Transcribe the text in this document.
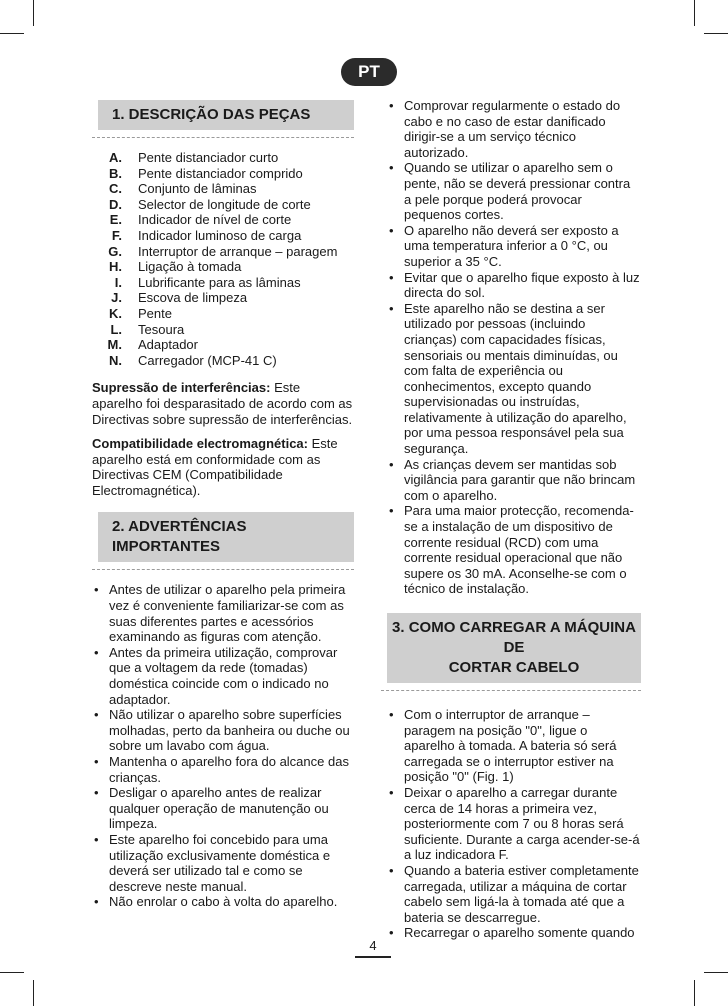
PT
1. DESCRIÇÃO DAS PEÇAS
A.	Pente distanciador curto
B.	Pente distanciador comprido
C.	Conjunto de lâminas
D.	Selector de longitude de corte
E.	Indicador de nível de corte
F.	Indicador luminoso de carga
G.	Interruptor de arranque – paragem
H.	Ligação à tomada
I.	Lubrificante para as lâminas
J.	Escova de limpeza
K.	Pente
L.	Tesoura
M.	Adaptador
N.	Carregador (MCP-41 C)

Supressão de interferências: Este aparelho foi desparasitado de acordo com as Directivas sobre supressão de interferências.

Compatibilidade electromagnética: Este aparelho está em conformidade com as Directivas CEM (Compatibilidade Electromagnética).

2. ADVERTÊNCIAS IMPORTANTES
• Antes de utilizar o aparelho pela primeira vez é conveniente familiarizar-se com as suas diferentes partes e acessórios examinando as figuras com atenção.
• Antes da primeira utilização, comprovar que a voltagem da rede (tomadas) doméstica coincide com o indicado no adaptador.
• Não utilizar o aparelho sobre superfícies molhadas, perto da banheira ou duche ou sobre um lavabo com água.
• Mantenha o aparelho fora do alcance das crianças.
• Desligar o aparelho antes de realizar qualquer operação de manutenção ou limpeza.
• Este aparelho foi concebido para uma utilização exclusivamente doméstica e deverá ser utilizado tal e como se descreve neste manual.
• Não enrolar o cabo à volta do aparelho.
• Comprovar regularmente o estado do cabo e no caso de estar danificado dirigir-se a um serviço técnico autorizado.
• Quando se utilizar o aparelho sem o pente, não se deverá pressionar contra a pele porque poderá provocar pequenos cortes.
• O aparelho não deverá ser exposto a uma temperatura inferior a 0 °C, ou superior a 35 °C.
• Evitar que o aparelho fique exposto à luz directa do sol.
• Este aparelho não se destina a ser utilizado por pessoas (incluindo crianças) com capacidades físicas, sensoriais ou mentais diminuídas, ou com falta de experiência ou conhecimentos, excepto quando supervisionadas ou instruídas, relativamente à utilização do aparelho, por uma pessoa responsável pela sua segurança.
• As crianças devem ser mantidas sob vigilância para garantir que não brincam com o aparelho.
• Para uma maior protecção, recomenda-se a instalação de um dispositivo de corrente residual (RCD) com uma corrente residual operacional que não supere os 30 mA. Aconselhe-se com o técnico de instalação.
3. COMO CARREGAR A MÁQUINA DE
CORTAR CABELO
• Com o interruptor de arranque – paragem na posição "0", ligue o aparelho à tomada. A bateria só será carregada se o interruptor estiver na posição "0" (Fig. 1)
• Deixar o aparelho a carregar durante cerca de 14 horas a primeira vez, posteriormente com 7 ou 8 horas será suficiente. Durante a carga acender-se-á a luz indicadora F.
• Quando a bateria estiver completamente carregada, utilizar a máquina de cortar cabelo sem ligá-la à tomada até que a bateria se descarregue.
• Recarregar o aparelho somente quando
4
